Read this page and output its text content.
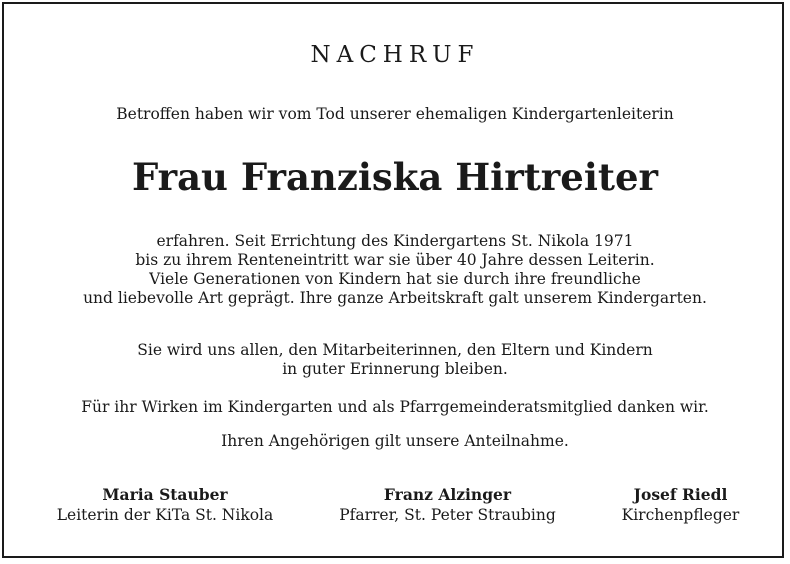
NACHRUF
Betroffen haben wir vom Tod unserer ehemaligen Kindergartenleiterin
Frau Franziska Hirtreiter
erfahren. Seit Errichtung des Kindergartens St. Nikola 1971
bis zu ihrem Renteneintritt war sie über 40 Jahre dessen Leiterin.
Viele Generationen von Kindern hat sie durch ihre freundliche
und liebevolle Art geprägt. Ihre ganze Arbeitskraft galt unserem Kindergarten.
Sie wird uns allen, den Mitarbeiterinnen, den Eltern und Kindern
in guter Erinnerung bleiben.
Für ihr Wirken im Kindergarten und als Pfarrgemeinderatsmitglied danken wir.
Ihren Angehörigen gilt unsere Anteilnahme.
Maria Stauber
Leiterin der KiTa St. Nikola
Franz Alzinger
Pfarrer, St. Peter Straubing
Josef Riedl
Kirchenpfleger
